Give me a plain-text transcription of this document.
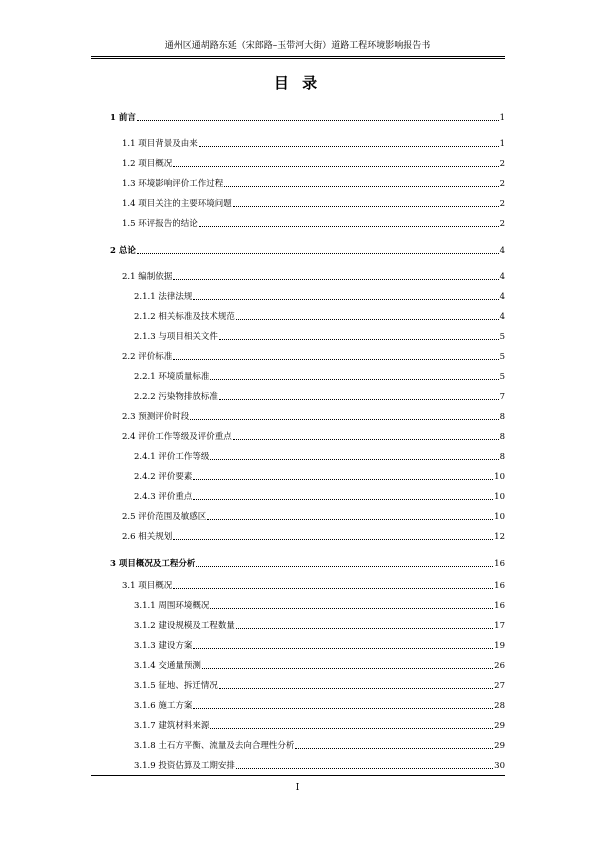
通州区通胡路东延（宋郎路–玉带河大街）道路工程环境影响报告书
目 录
1 前言	1
1.1 项目背景及由来	1
1.2 项目概况	2
1.3 环境影响评价工作过程	2
1.4 项目关注的主要环境问题	2
1.5 环评报告的结论	2
2 总论	4
2.1 编制依据	4
2.1.1 法律法规	4
2.1.2 相关标准及技术规范	4
2.1.3 与项目相关文件	5
2.2 评价标准	5
2.2.1 环境质量标准	5
2.2.2 污染物排放标准	7
2.3 预测评价时段	8
2.4 评价工作等级及评价重点	8
2.4.1 评价工作等级	8
2.4.2 评价要素	10
2.4.3 评价重点	10
2.5 评价范围及敏感区	10
2.6 相关规划	12
3 项目概况及工程分析	16
3.1 项目概况	16
3.1.1 周围环境概况	16
3.1.2 建设规模及工程数量	17
3.1.3 建设方案	19
3.1.4 交通量预测	26
3.1.5 征地、拆迁情况	27
3.1.6 施工方案	28
3.1.7 建筑材料来源	29
3.1.8 土石方平衡、流量及去向合理性分析	29
3.1.9 投资估算及工期安排	30
I
